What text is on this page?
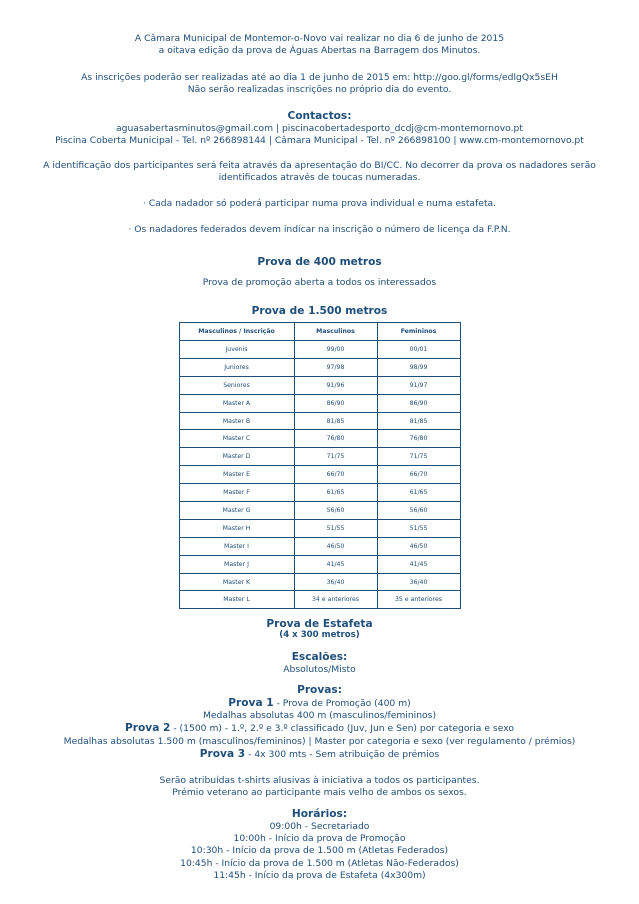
A Câmara Municipal de Montemor-o-Novo vai realizar no dia 6 de junho de 2015
a oitava edição da prova de Águas Abertas na Barragem dos Minutos.
As inscrições poderão ser realizadas até ao dia 1 de junho de 2015 em: http://goo.gl/forms/edlgQx5sEH
Não serão realizadas inscrições no próprio dia do evento.
Contactos:
aguasabertasminutos@gmail.com | piscinacobertadesporto_dcdj@cm-montemornovo.pt
Piscina Coberta Municipal - Tel. nº 266898144 | Câmara Municipal - Tel. nº 266898100 | www.cm-montemornovo.pt
A identificação dos participantes será feita através da apresentação do BI/CC. No decorrer da prova os nadadores serão
identificados através de toucas numeradas.
· Cada nadador só poderá participar numa prova individual e numa estafeta.
· Os nadadores federados devem indicar na inscrição o número de licença da F.P.N.
Prova de 400 metros
Prova de promoção aberta a todos os interessados
Prova de 1.500 metros
Masculinos / Inscrição	Masculinos	Femininos
Juvenis	99/00	00/01
Juniores	97/98	98/99
Seniores	91/96	91/97
Master A	86/90	86/90
Master B	81/85	81/85
Master C	76/80	76/80
Master D	71/75	71/75
Master E	66/70	66/70
Master F	61/65	61/65
Master G	56/60	56/60
Master H	51/55	51/55
Master I	46/50	46/50
Master J	41/45	41/45
Master K	36/40	36/40
Master L	34 e anteriores	35 e anteriores
Prova de Estafeta
(4 x 300 metros)
Escalões:
Absolutos/Misto
Provas:
Prova 1 - Prova de Promoção (400 m)
Medalhas absolutas 400 m (masculinos/femininos)
Prova 2 - (1500 m) - 1.º, 2.º e 3.º classificado (Juv, Jun e Sen) por categoria e sexo
Medalhas absolutas 1.500 m (masculinos/femininos) | Master por categoria e sexo (ver regulamento / prémios)
Prova 3 - 4x 300 mts - Sem atribuição de prémios
Serão atribuídas t-shirts alusivas à iniciativa a todos os participantes.
Prémio veterano ao participante mais velho de ambos os sexos.
Horários:
09:00h - Secretariado
10:00h - Início da prova de Promoção
10:30h - Início da prova de 1.500 m (Atletas Federados)
10:45h - Início da prova de 1.500 m (Atletas Não-Federados)
11:45h - Início da prova de Estafeta (4x300m)
